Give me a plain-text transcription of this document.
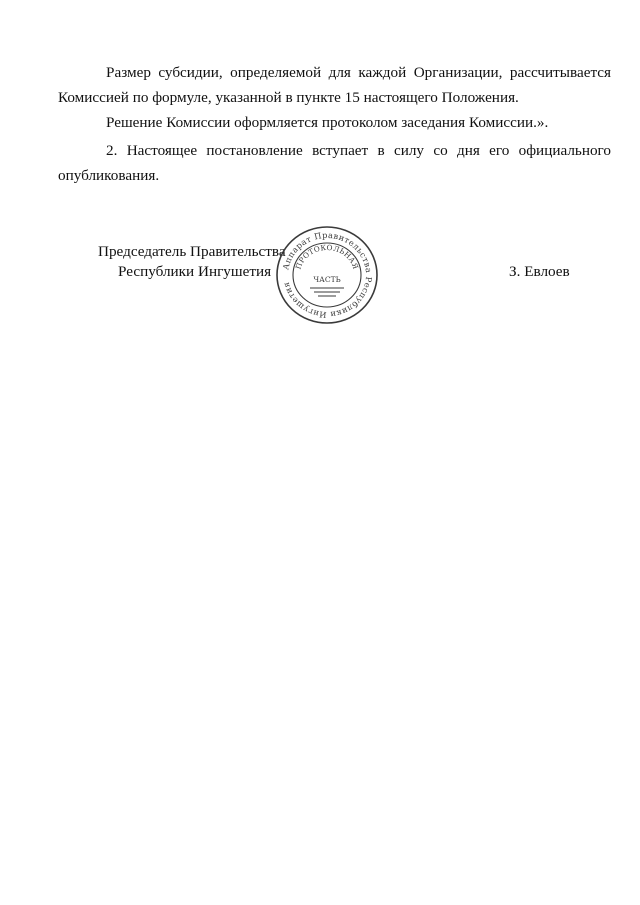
Размер субсидии, определяемой для каждой Организации, рассчитывается Комиссией по формуле, указанной в пункте 15 настоящего Положения.

Решение Комиссии оформляется протоколом заседания Комиссии.».

2. Настоящее постановление вступает в силу со дня его официального опубликования.

Председатель Правительства
Республики Ингушетия	З. Евлоев
Аппарат Правительства Республики Ингушетия
ПРОТОКОЛЬНАЯ
ЧАСТЬ
